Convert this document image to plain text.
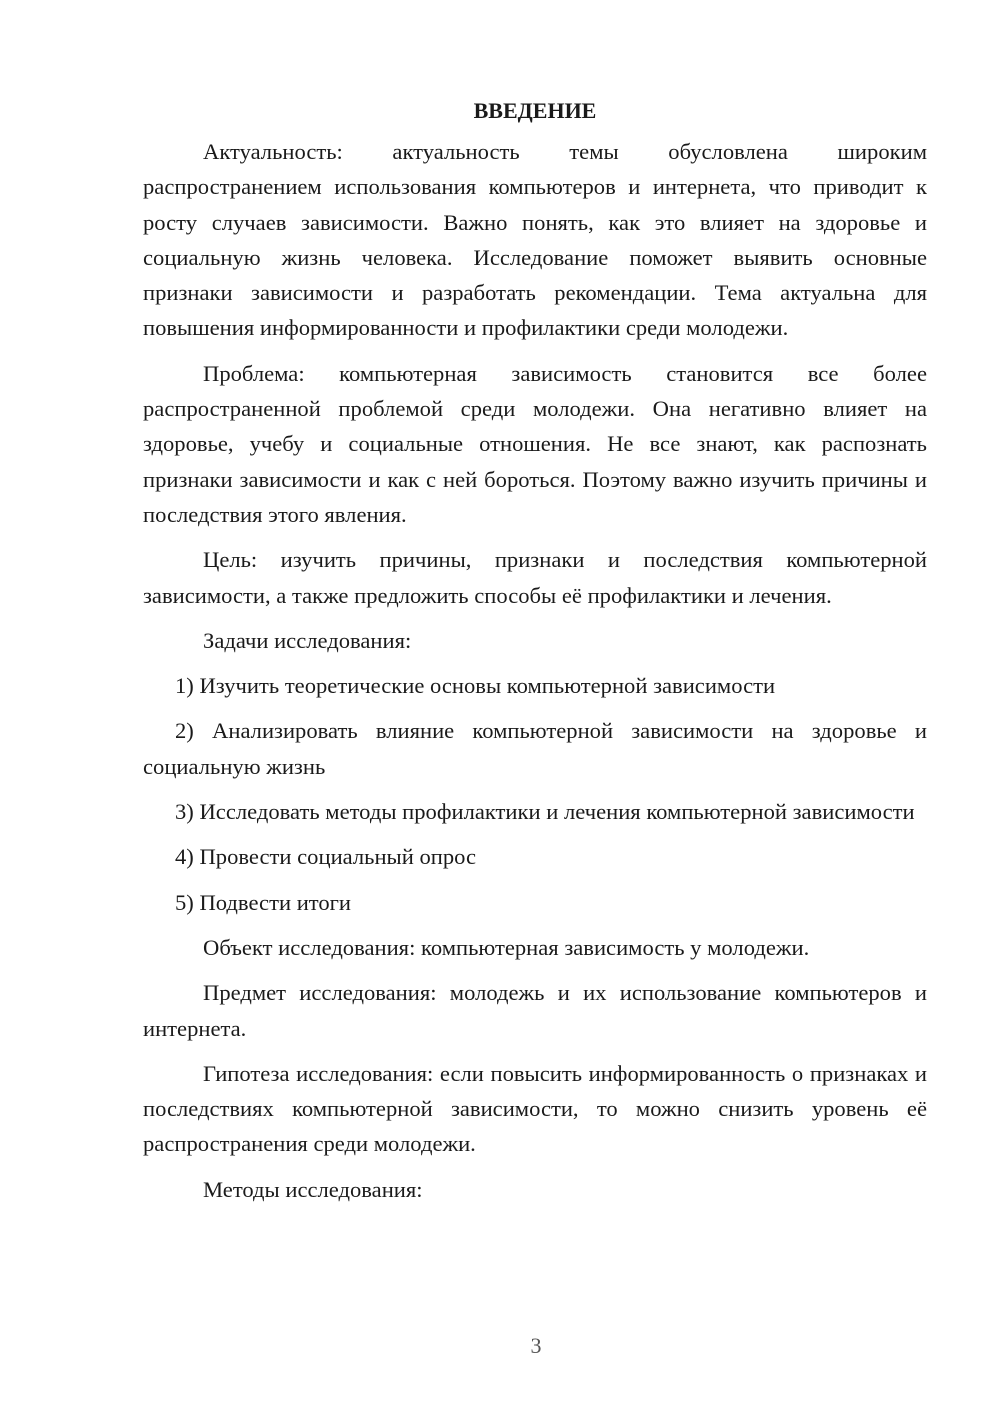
ВВЕДЕНИЕ
Актуальность: актуальность темы обусловлена широким распространением использования компьютеров и интернета, что приводит к росту случаев зависимости. Важно понять, как это влияет на здоровье и социальную жизнь человека. Исследование поможет выявить основные признаки зависимости и разработать рекомендации. Тема актуальна для повышения информированности и профилактики среди молодежи.
Проблема: компьютерная зависимость становится все более распространенной проблемой среди молодежи. Она негативно влияет на здоровье, учебу и социальные отношения. Не все знают, как распознать признаки зависимости и как с ней бороться. Поэтому важно изучить причины и последствия этого явления.
Цель: изучить причины, признаки и последствия компьютерной зависимости, а также предложить способы её профилактики и лечения.
Задачи исследования:
1) Изучить теоретические основы компьютерной зависимости
2) Анализировать влияние компьютерной зависимости на здоровье и социальную жизнь
3) Исследовать методы профилактики и лечения компьютерной зависимости
4) Провести социальный опрос
5) Подвести итоги
Объект исследования: компьютерная зависимость у молодежи.
Предмет исследования: молодежь и их использование компьютеров и интернета.
Гипотеза исследования: если повысить информированность о признаках и последствиях компьютерной зависимости, то можно снизить уровень её распространения среди молодежи.
Методы исследования:
3
